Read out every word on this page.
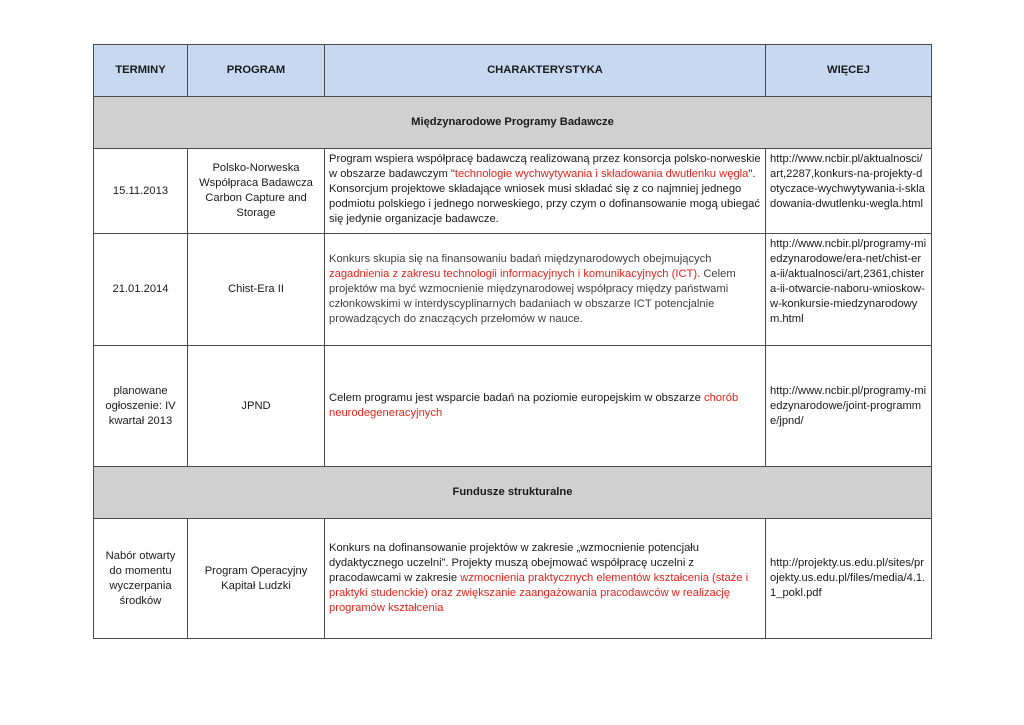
TERMINY	PROGRAM	CHARAKTERYSTYKA	WIĘCEJ
Międzynarodowe Programy Badawcze			
15.11.2013	Polsko-Norweska Współpraca Badawcza Carbon Capture and Storage	Program wspiera współpracę badawczą realizowaną przez konsorcja polsko-norweskie w obszarze badawczym "technologie wychwytywania i składowania dwutlenku węgla". Konsorcjum projektowe składające wniosek musi składać się z co najmniej jednego podmiotu polskiego i jednego norweskiego, przy czym o dofinansowanie mogą ubiegać się jedynie organizacje badawcze.	http://www.ncbir.pl/aktualnosci/art,2287,konkurs-na-projekty-dotyczace-wychwytywania-i-skladowania-dwutlenku-wegla.html
21.01.2014	Chist-Era II	Konkurs skupia się na finansowaniu badań międzynarodowych obejmujących zagadnienia z zakresu technologii informacyjnych i komunikacyjnych (ICT). Celem projektów ma być wzmocnienie międzynarodowej współpracy między państwami członkowskimi w interdyscyplinarnych badaniach w obszarze ICT potencjalnie prowadzących do znaczących przełomów w nauce.	http://www.ncbir.pl/programy-miedzynarodowe/era-net/chist-era-ii/aktualnosci/art,2361,chistera-ii-otwarcie-naboru-wnioskow-w-konkursie-miedzynarodowym.html
planowane ogłoszenie: IV kwartał 2013	JPND	Celem programu jest wsparcie badań na poziomie europejskim w obszarze chorób neurodegeneracyjnych	http://www.ncbir.pl/programy-miedzynarodowe/joint-programme/jpnd/
Fundusze strukturalne			
Nabór otwarty do momentu wyczerpania środków	Program Operacyjny Kapitał Ludzki	Konkurs na dofinansowanie projektów w zakresie „wzmocnienie potencjału dydaktycznego uczelni”. Projekty muszą obejmować współpracę uczelni z pracodawcami w zakresie wzmocnienia praktycznych elementów kształcenia (staże i praktyki studenckie) oraz zwiększanie zaangażowania pracodawców w realizację programów kształcenia	http://projekty.us.edu.pl/sites/projekty.us.edu.pl/files/media/4.1.1_pokl.pdf
